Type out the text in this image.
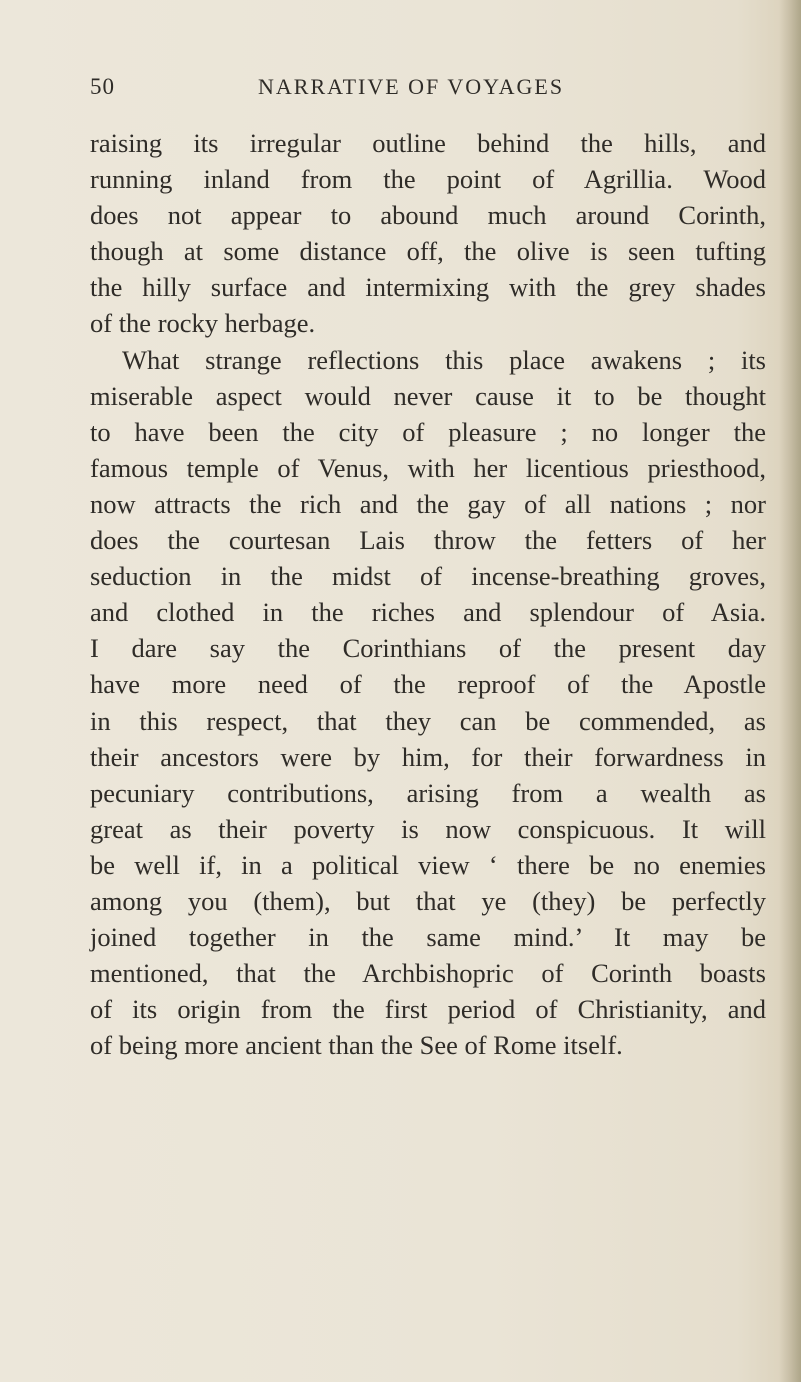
50	NARRATIVE OF VOYAGES
raising its irregular outline behind the hills, and
running inland from the point of Agrillia. Wood
does not appear to abound much around Corinth,
though at some distance off, the olive is seen tufting
the hilly surface and intermixing with the grey shades
of the rocky herbage.
What strange reflections this place awakens ; its
miserable aspect would never cause it to be thought
to have been the city of pleasure ; no longer the
famous temple of Venus, with her licentious priesthood,
now attracts the rich and the gay of all nations ; nor
does the courtesan Lais throw the fetters of her
seduction in the midst of incense-breathing groves,
and clothed in the riches and splendour of Asia.
I dare say the Corinthians of the present day
have more need of the reproof of the Apostle
in this respect, that they can be commended, as
their ancestors were by him, for their forwardness in
pecuniary contributions, arising from a wealth as
great as their poverty is now conspicuous. It will
be well if, in a political view ‘ there be no enemies
among you (them), but that ye (they) be perfectly
joined together in the same mind.’ It may be
mentioned, that the Archbishopric of Corinth boasts
of its origin from the first period of Christianity, and
of being more ancient than the See of Rome itself.
